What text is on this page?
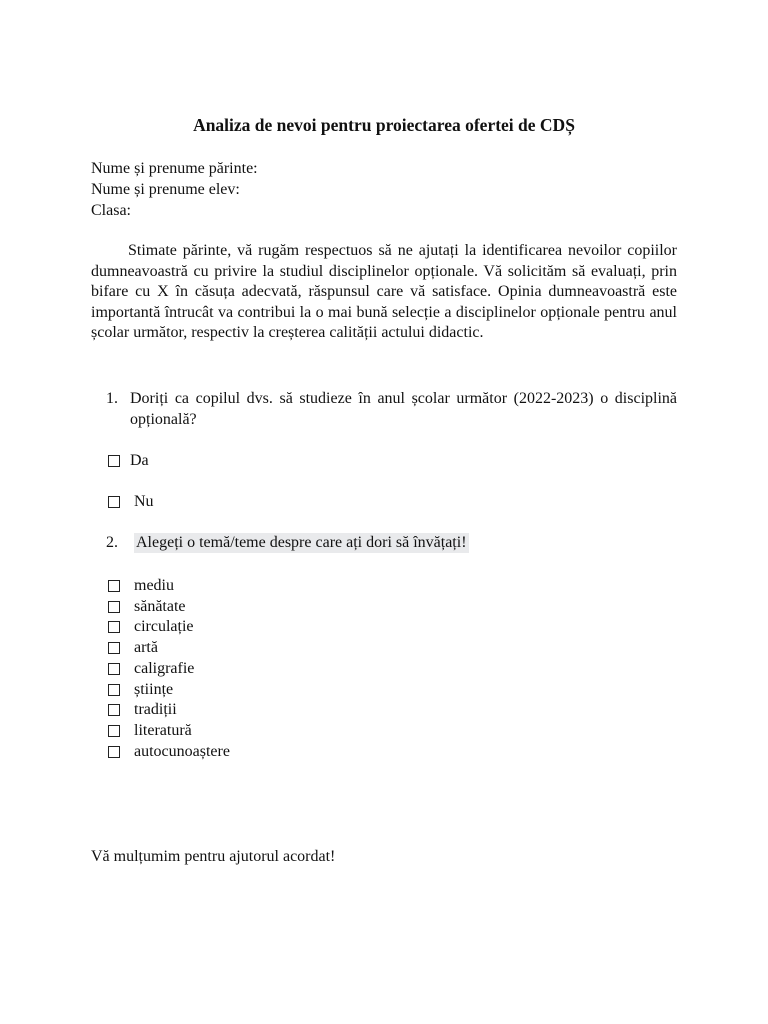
Analiza de nevoi pentru proiectarea ofertei de CDȘ
Nume și prenume părinte:
Nume și prenume elev:
Clasa:
Stimate părinte, vă rugăm respectuos să ne ajutați la identificarea nevoilor copiilor dumneavoastră cu privire la studiul disciplinelor opționale. Vă solicităm să evaluați, prin bifare cu X în căsuța adecvată, răspunsul care vă satisface. Opinia dumneavoastră este importantă întrucât va contribui la o mai bună selecție a disciplinelor opționale pentru anul școlar următor, respectiv la creșterea calității actului didactic.
1. Doriți ca copilul dvs. să studieze în anul școlar următor (2022-2023) o disciplină opțională?
Da
Nu
2. Alegeți o temă/teme despre care ați dori să învățați!
mediu
sănătate
circulație
artă
caligrafie
științe
tradiții
literatură
autocunoaștere
Vă mulțumim pentru ajutorul acordat!
